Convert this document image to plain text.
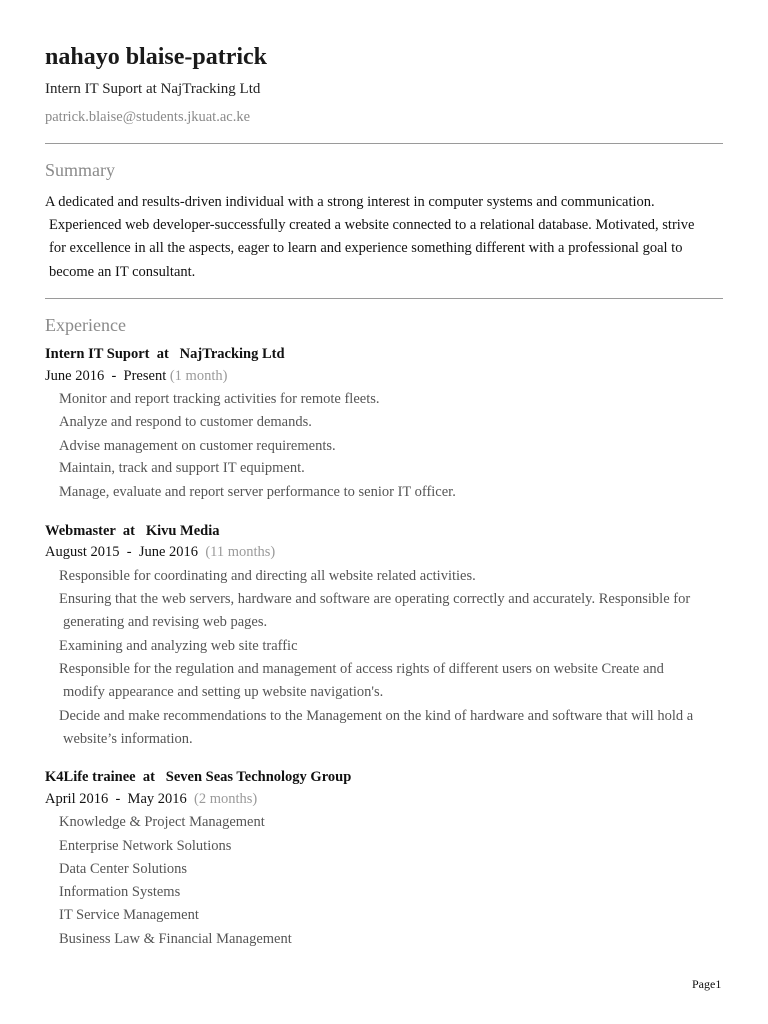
nahayo blaise-patrick
Intern IT Suport at NajTracking Ltd
patrick.blaise@students.jkuat.ac.ke
Summary
A dedicated and results-driven individual with a strong interest in computer systems and communication.
Experienced web developer-successfully created a website connected to a relational database. Motivated, strive
for excellence in all the aspects, eager to learn and experience something different with a professional goal to
become an IT consultant.
Experience
Intern IT Suport  at   NajTracking Ltd
June 2016  -  Present (1 month)
Monitor and report tracking activities for remote fleets.
Analyze and respond to customer demands.
Advise management on customer requirements.
Maintain, track and support IT equipment.
Manage, evaluate and report server performance to senior IT officer.
Webmaster  at   Kivu Media
August 2015  -  June 2016  (11 months)
Responsible for coordinating and directing all website related activities.
Ensuring that the web servers, hardware and software are operating correctly and accurately. Responsible for
generating and revising web pages.
Examining and analyzing web site traffic
Responsible for the regulation and management of access rights of different users on website Create and
modify appearance and setting up website navigation's.
Decide and make recommendations to the Management on the kind of hardware and software that will hold a
website’s information.
K4Life trainee  at   Seven Seas Technology Group
April 2016  -  May 2016  (2 months)
Knowledge & Project Management
Enterprise Network Solutions
Data Center Solutions
Information Systems
IT Service Management
Business Law & Financial Management
Page1
